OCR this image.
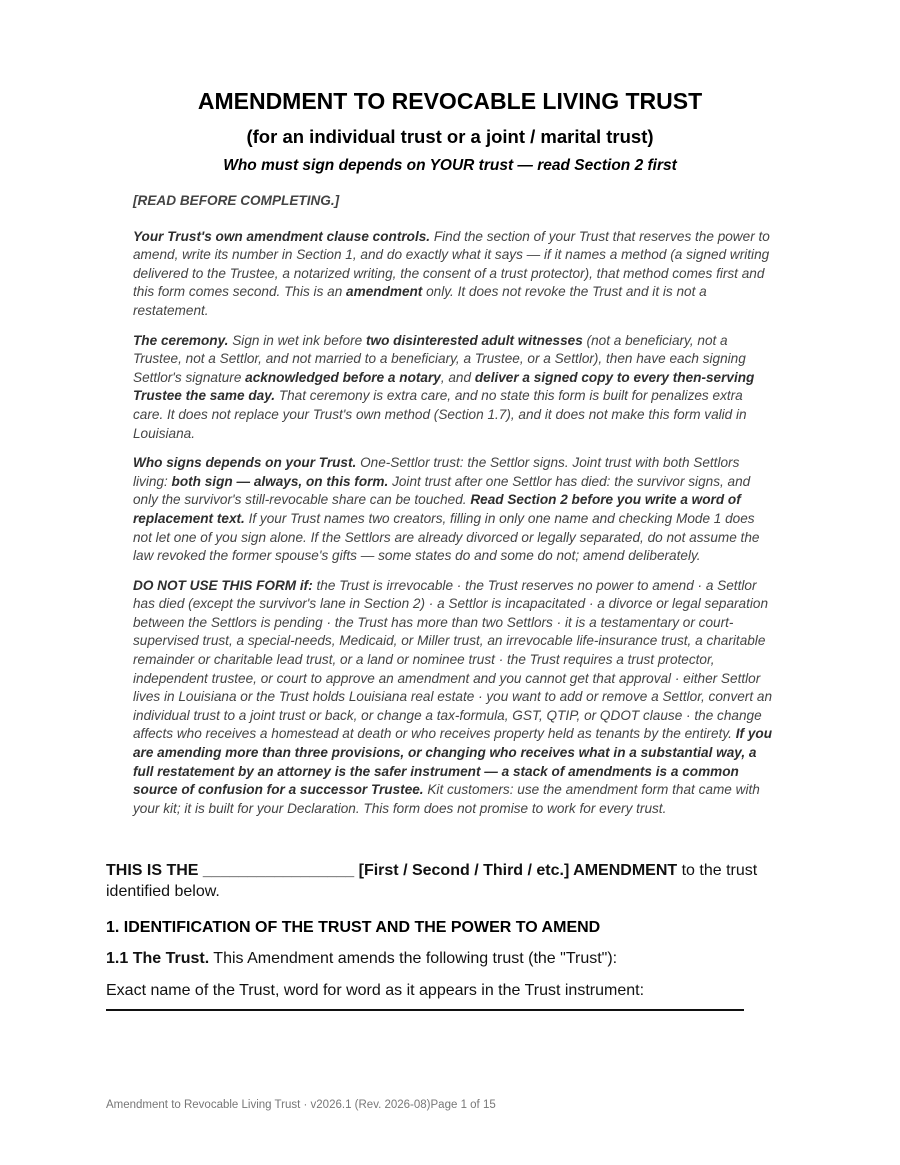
AMENDMENT TO REVOCABLE LIVING TRUST
(for an individual trust or a joint / marital trust)
Who must sign depends on YOUR trust — read Section 2 first

[READ BEFORE COMPLETING.]

Your Trust's own amendment clause controls. Find the section of your Trust that reserves the power to amend, write its number in Section 1, and do exactly what it says — if it names a method (a signed writing delivered to the Trustee, a notarized writing, the consent of a trust protector), that method comes first and this form comes second. This is an amendment only. It does not revoke the Trust and it is not a restatement.

The ceremony. Sign in wet ink before two disinterested adult witnesses (not a beneficiary, not a Trustee, not a Settlor, and not married to a beneficiary, a Trustee, or a Settlor), then have each signing Settlor's signature acknowledged before a notary, and deliver a signed copy to every then-serving Trustee the same day. That ceremony is extra care, and no state this form is built for penalizes extra care. It does not replace your Trust's own method (Section 1.7), and it does not make this form valid in Louisiana.

Who signs depends on your Trust. One-Settlor trust: the Settlor signs. Joint trust with both Settlors living: both sign — always, on this form. Joint trust after one Settlor has died: the survivor signs, and only the survivor's still-revocable share can be touched. Read Section 2 before you write a word of replacement text. If your Trust names two creators, filling in only one name and checking Mode 1 does not let one of you sign alone. If the Settlors are already divorced or legally separated, do not assume the law revoked the former spouse's gifts — some states do and some do not; amend deliberately.

DO NOT USE THIS FORM if: the Trust is irrevocable · the Trust reserves no power to amend · a Settlor has died (except the survivor's lane in Section 2) · a Settlor is incapacitated · a divorce or legal separation between the Settlors is pending · the Trust has more than two Settlors · it is a testamentary or court-supervised trust, a special-needs, Medicaid, or Miller trust, an irrevocable life-insurance trust, a charitable remainder or charitable lead trust, or a land or nominee trust · the Trust requires a trust protector, independent trustee, or court to approve an amendment and you cannot get that approval · either Settlor lives in Louisiana or the Trust holds Louisiana real estate · you want to add or remove a Settlor, convert an individual trust to a joint trust or back, or change a tax-formula, GST, QTIP, or QDOT clause · the change affects who receives a homestead at death or who receives property held as tenants by the entirety. If you are amending more than three provisions, or changing who receives what in a substantial way, a full restatement by an attorney is the safer instrument — a stack of amendments is a common source of confusion for a successor Trustee. Kit customers: use the amendment form that came with your kit; it is built for your Declaration. This form does not promise to work for every trust.

THIS IS THE _________________ [First / Second / Third / etc.] AMENDMENT to the trust identified below.

1. IDENTIFICATION OF THE TRUST AND THE POWER TO AMEND

1.1 The Trust. This Amendment amends the following trust (the "Trust"):

Exact name of the Trust, word for word as it appears in the Trust instrument:

Amendment to Revocable Living Trust · v2026.1 (Rev. 2026-08)Page 1 of 15
